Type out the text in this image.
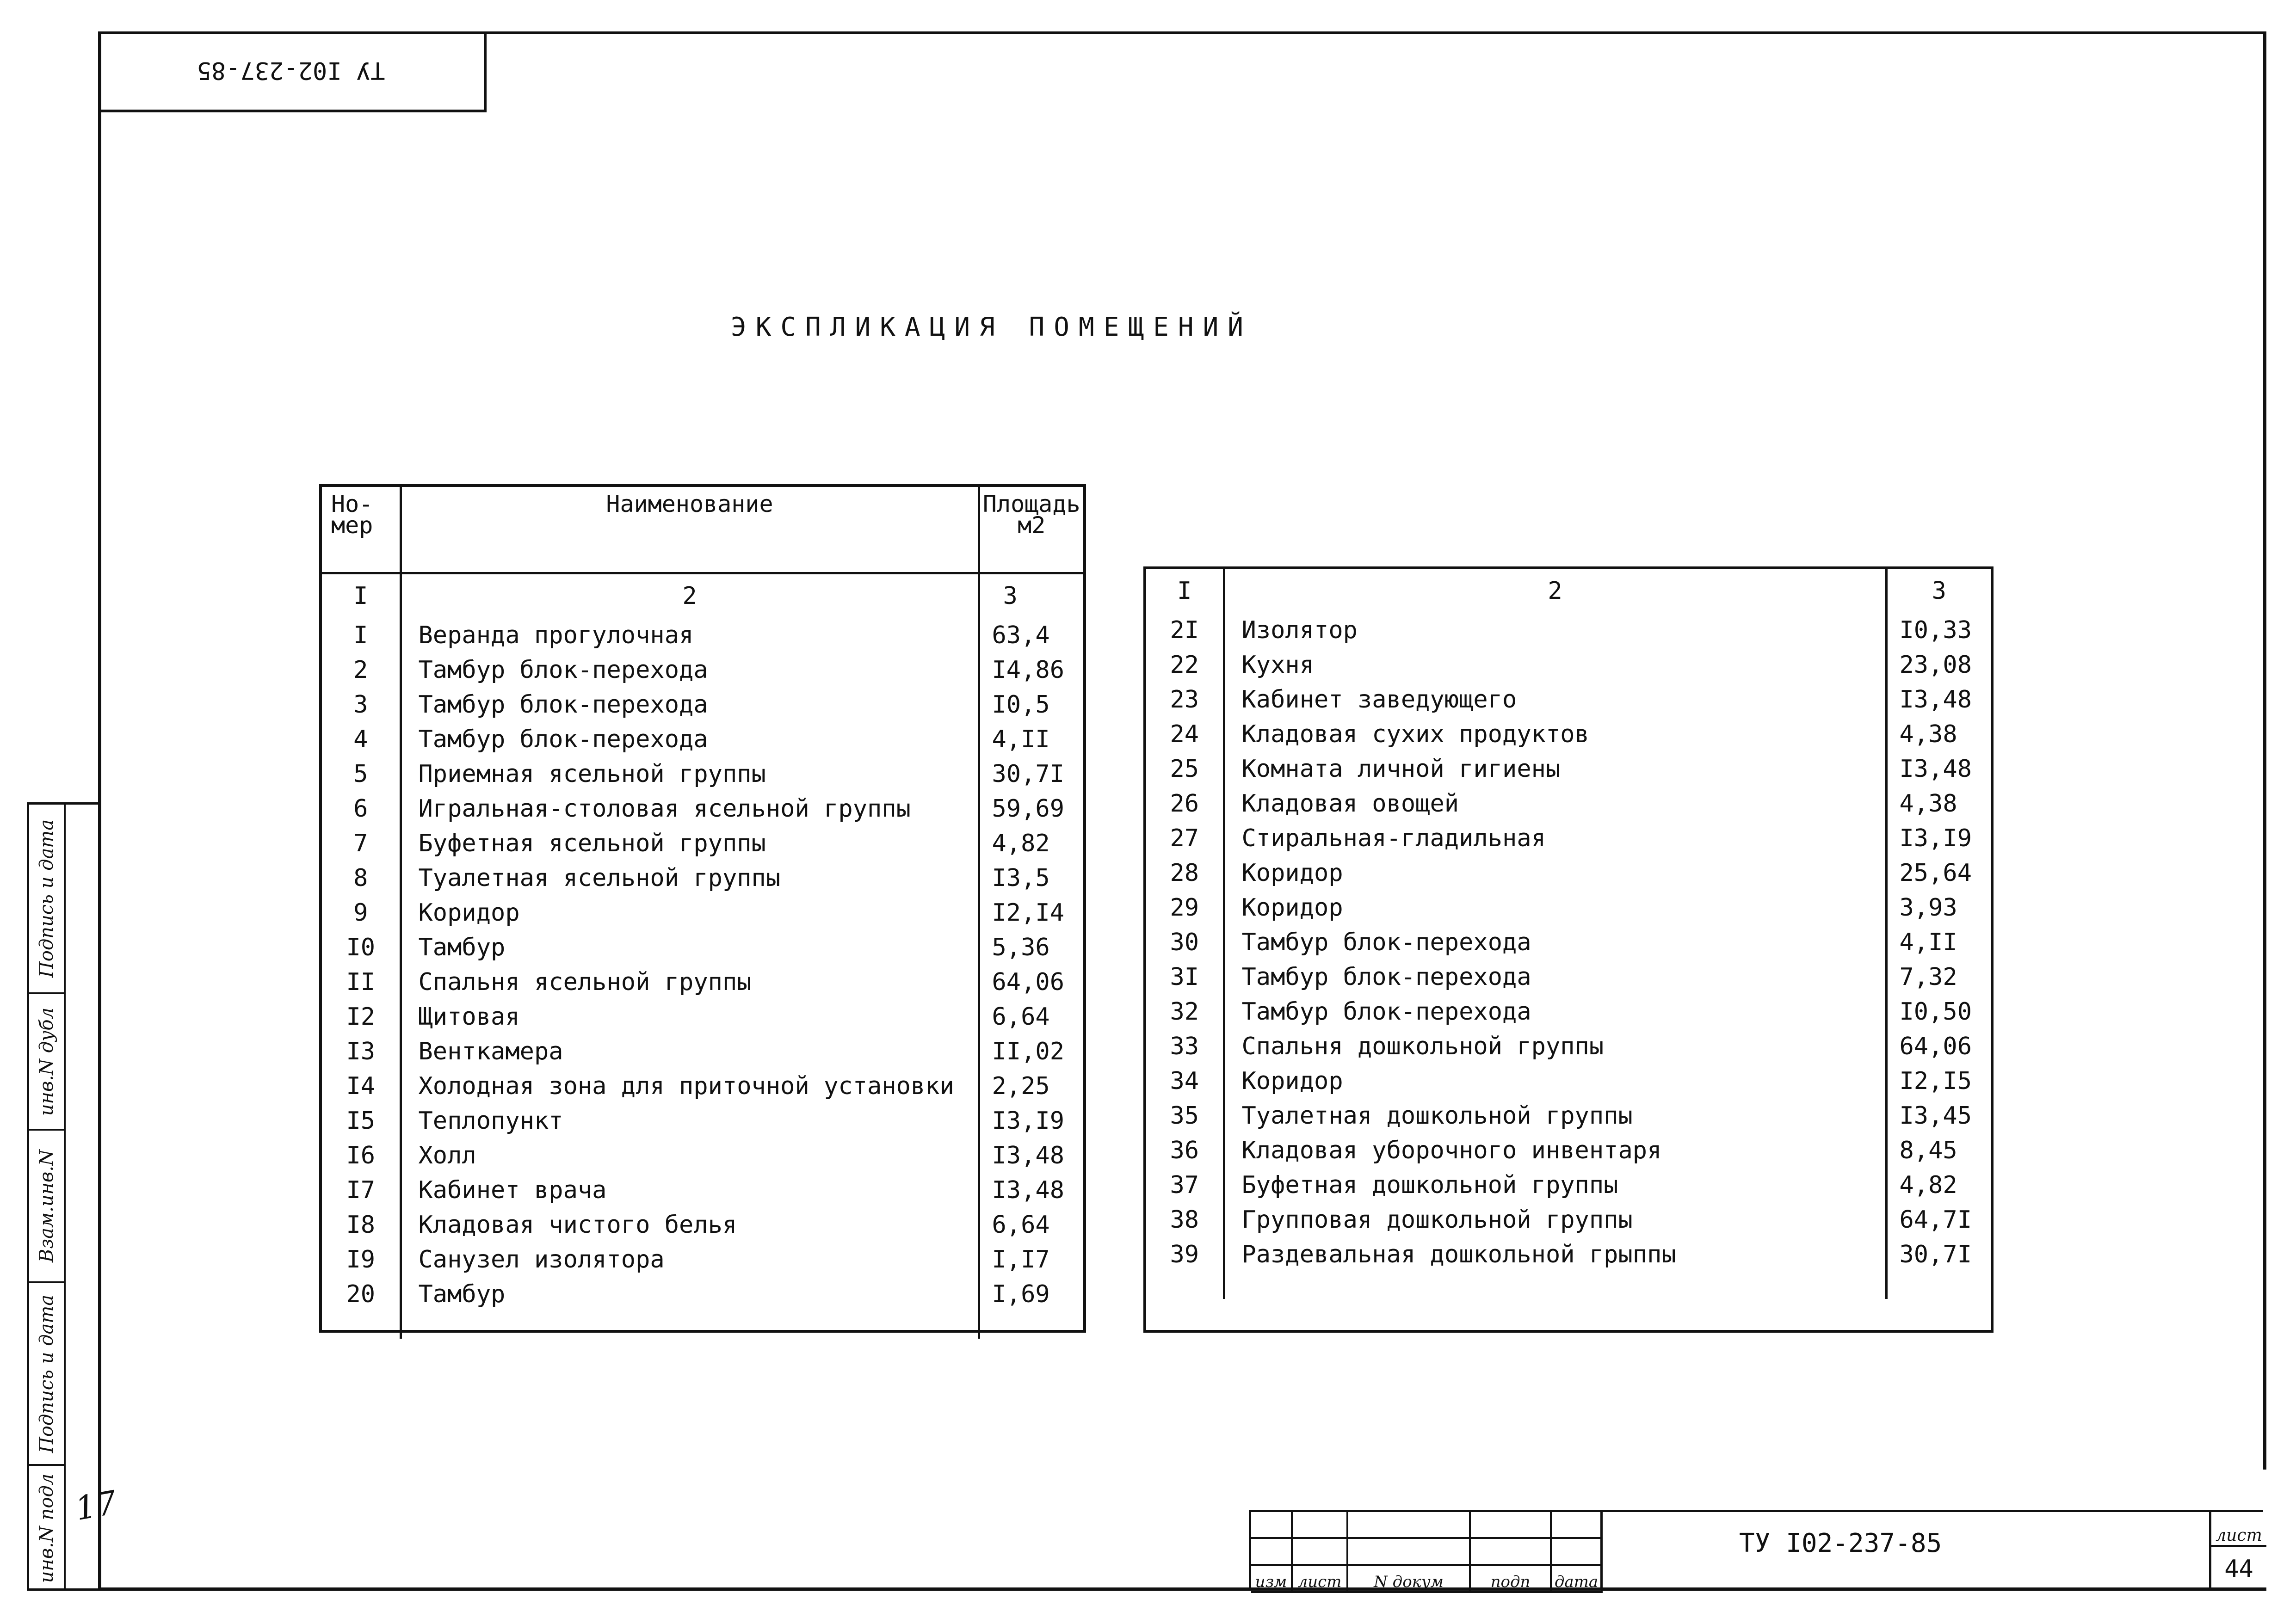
ТУ I02-237-85
ЭКСПЛИКАЦИЯ ПОМЕЩЕНИЙ
Но-
мер	Наименование	Площадь
м2
I	2	3
I	Веранда прогулочная	63,4
2	Тамбур блок-перехода	I4,86
3	Тамбур блок-перехода	I0,5
4	Тамбур блок-перехода	4,II
5	Приемная ясельной группы	30,7I
6	Игральная-столовая ясельной группы	59,69
7	Буфетная ясельной группы	4,82
8	Туалетная ясельной группы	I3,5
9	Коридор	I2,I4
I0	Тамбур	5,36
II	Спальня ясельной группы	64,06
I2	Щитовая	6,64
I3	Венткамера	II,02
I4	Холодная зона для приточной установки	2,25
I5	Теплопункт	I3,I9
I6	Холл	I3,48
I7	Кабинет врача	I3,48
I8	Кладовая чистого белья	6,64
I9	Санузел изолятора	I,I7
20	Тамбур	I,69

I	2	3
2I	Изолятор	I0,33
22	Кухня	23,08
23	Кабинет заведующего	I3,48
24	Кладовая сухих продуктов	4,38
25	Комната личной гигиены	I3,48
26	Кладовая овощей	4,38
27	Стиральная-гладильная	I3,I9
28	Коридор	25,64
29	Коридор	3,93
30	Тамбур блок-перехода	4,II
3I	Тамбур блок-перехода	7,32
32	Тамбур блок-перехода	I0,50
33	Спальня дошкольной группы	64,06
34	Коридор	I2,I5
35	Туалетная дошкольной группы	I3,45
36	Кладовая уборочного инвентаря	8,45
37	Буфетная дошкольной группы	4,82
38	Групповая дошкольной группы	64,7I
39	Раздевальная дошкольной грыппы	30,7I

Подпись и дата
инв.N дубл
Взам.инв.N
Подпись и дата
инв.N подл 17
изм лист	N докум	подп	дата
ТУ I02-237-85	лист
44
